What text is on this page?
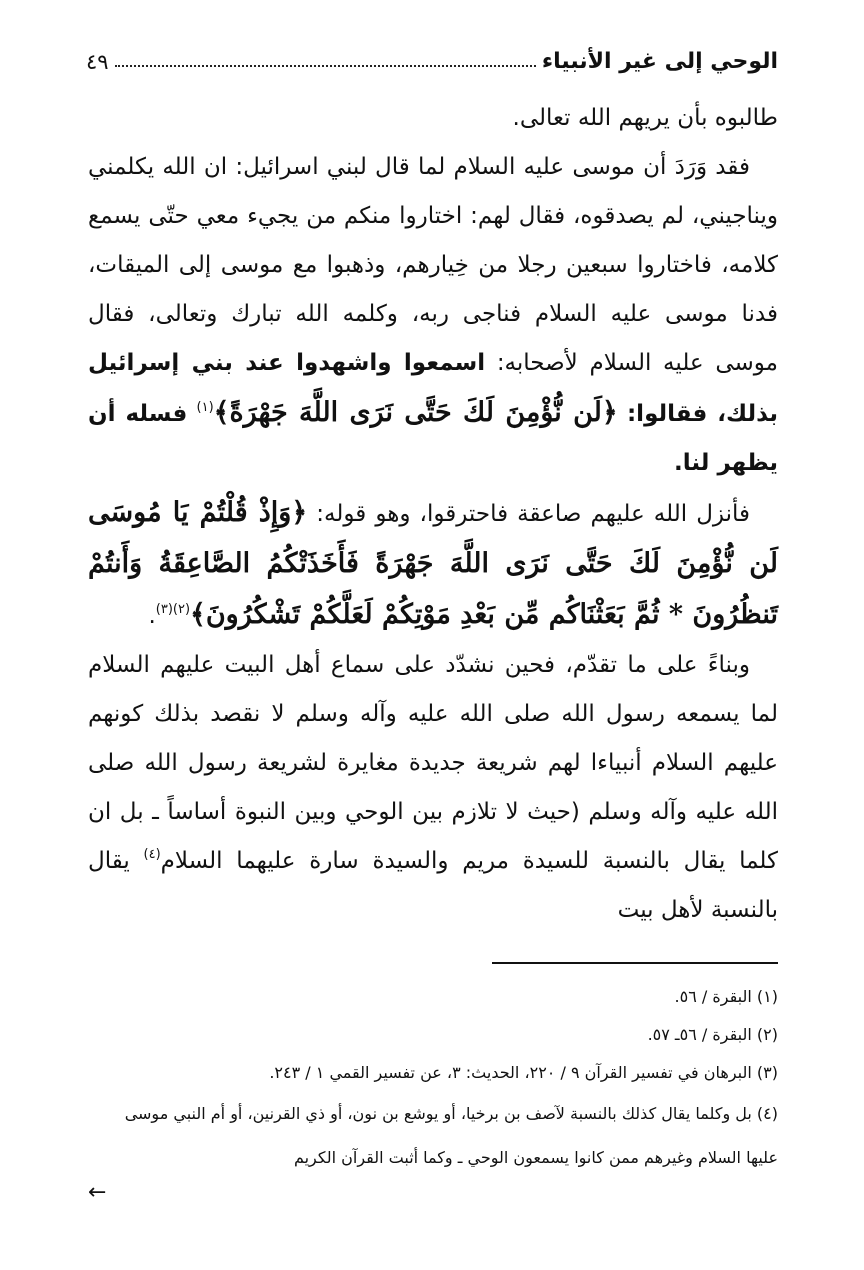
الوحي إلى غير الأنبياء
٤٩

طالبوه بأن يريهم الله تعالى.

فقد وَرَدَ أن موسى عليه السلام لما قال لبني اسرائيل: ان الله يكلمني ويناجيني، لم يصدقوه، فقال لهم: اختاروا منكم من يجيء معي حتّى يسمع كلامه، فاختاروا سبعين رجلا من خِيارهم، وذهبوا مع موسى إلى الميقات، فدنا موسى عليه السلام فناجى ربه، وكلمه الله تبارك وتعالى، فقال موسى عليه السلام لأصحابه: اسمعوا واشهدوا عند بني إسرائيل بذلك، فقالوا: ﴿لَن نُّؤْمِنَ لَكَ حَتَّى نَرَى اللَّهَ جَهْرَةً﴾$^{(١)}$ فسله أن يظهر لنا.

فأنزل الله عليهم صاعقة فاحترقوا، وهو قوله: ﴿وَإِذْ قُلْتُمْ يَا مُوسَى لَن نُّؤْمِنَ لَكَ حَتَّى نَرَى اللَّهَ جَهْرَةً فَأَخَذَتْكُمُ الصَّاعِقَةُ وَأَنتُمْ تَنظُرُونَ * ثُمَّ بَعَثْنَاكُم مِّن بَعْدِ مَوْتِكُمْ لَعَلَّكُمْ تَشْكُرُونَ﴾$^{(٢)(٣)}$.

وبناءً على ما تقدّم، فحين نشدّد على سماع أهل البيت عليهم السلام لما يسمعه رسول الله صلى الله عليه وآله وسلم لا نقصد بذلك كونهم عليهم السلام أنبياءا لهم شريعة جديدة مغايرة لشريعة رسول الله صلى الله عليه وآله وسلم (حيث لا تلازم بين الوحي وبين النبوة أساساً ـ بل ان كلما يقال بالنسبة للسيدة مريم والسيدة سارة عليهما السلام$^{(٤)}$ يقال بالنسبة لأهل بيت

(١) البقرة / ٥٦.

(٢) البقرة / ٥٦ـ ٥٧.

(٣) البرهان في تفسير القرآن ٩ / ٢٢٠، الحديث: ٣، عن تفسير القمي ١ / ٢٤٣.

(٤) بل وكلما يقال كذلك بالنسبة لآصف بن برخيا، أو يوشع بن نون، أو ذي القرنين، أو أم النبي موسى عليها السلام وغيرهم ممن كانوا يسمعون الوحي ـ وكما أثبت القرآن الكريم

←
